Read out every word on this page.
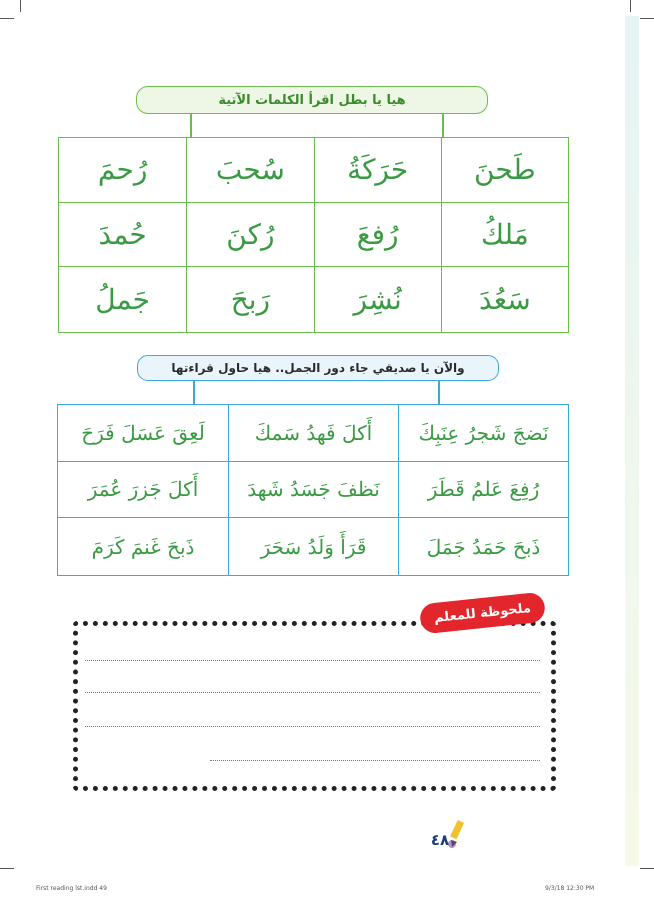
هيا يا بطل اقرأ الكلمات الآتية
طَحنَ
حَرَكَةُ
سُحبَ
رُحمَ
مَلكُ
رُفعَ
رُكنَ
حُمدَ
سَعُدَ
نُشِرَ
رَبحَ
جَملُ
والآن يا صديقي جاء دور الجمل.. هيا حاول قراءتها
نَضجَ شَجرُ عِنَبِكَ
أَكلَ فَهدُ سَمكَ
لَعِقَ عَسَلَ فَرَحَ
رُفِعَ عَلمُ قَطَرَ
نَظفَ جَسَدُ شَهدَ
أَكلَ جَزرَ عُمَرَ
ذَبحَ حَمَدُ جَمَلَ
قَرَأَ وَلَدُ سَحَرَ
ذَبحَ غَنمَ كَرَمَ
ملحوظة للمعلم
٤٨
First reading lst.indd 49	9/3/18 12:30 PM
